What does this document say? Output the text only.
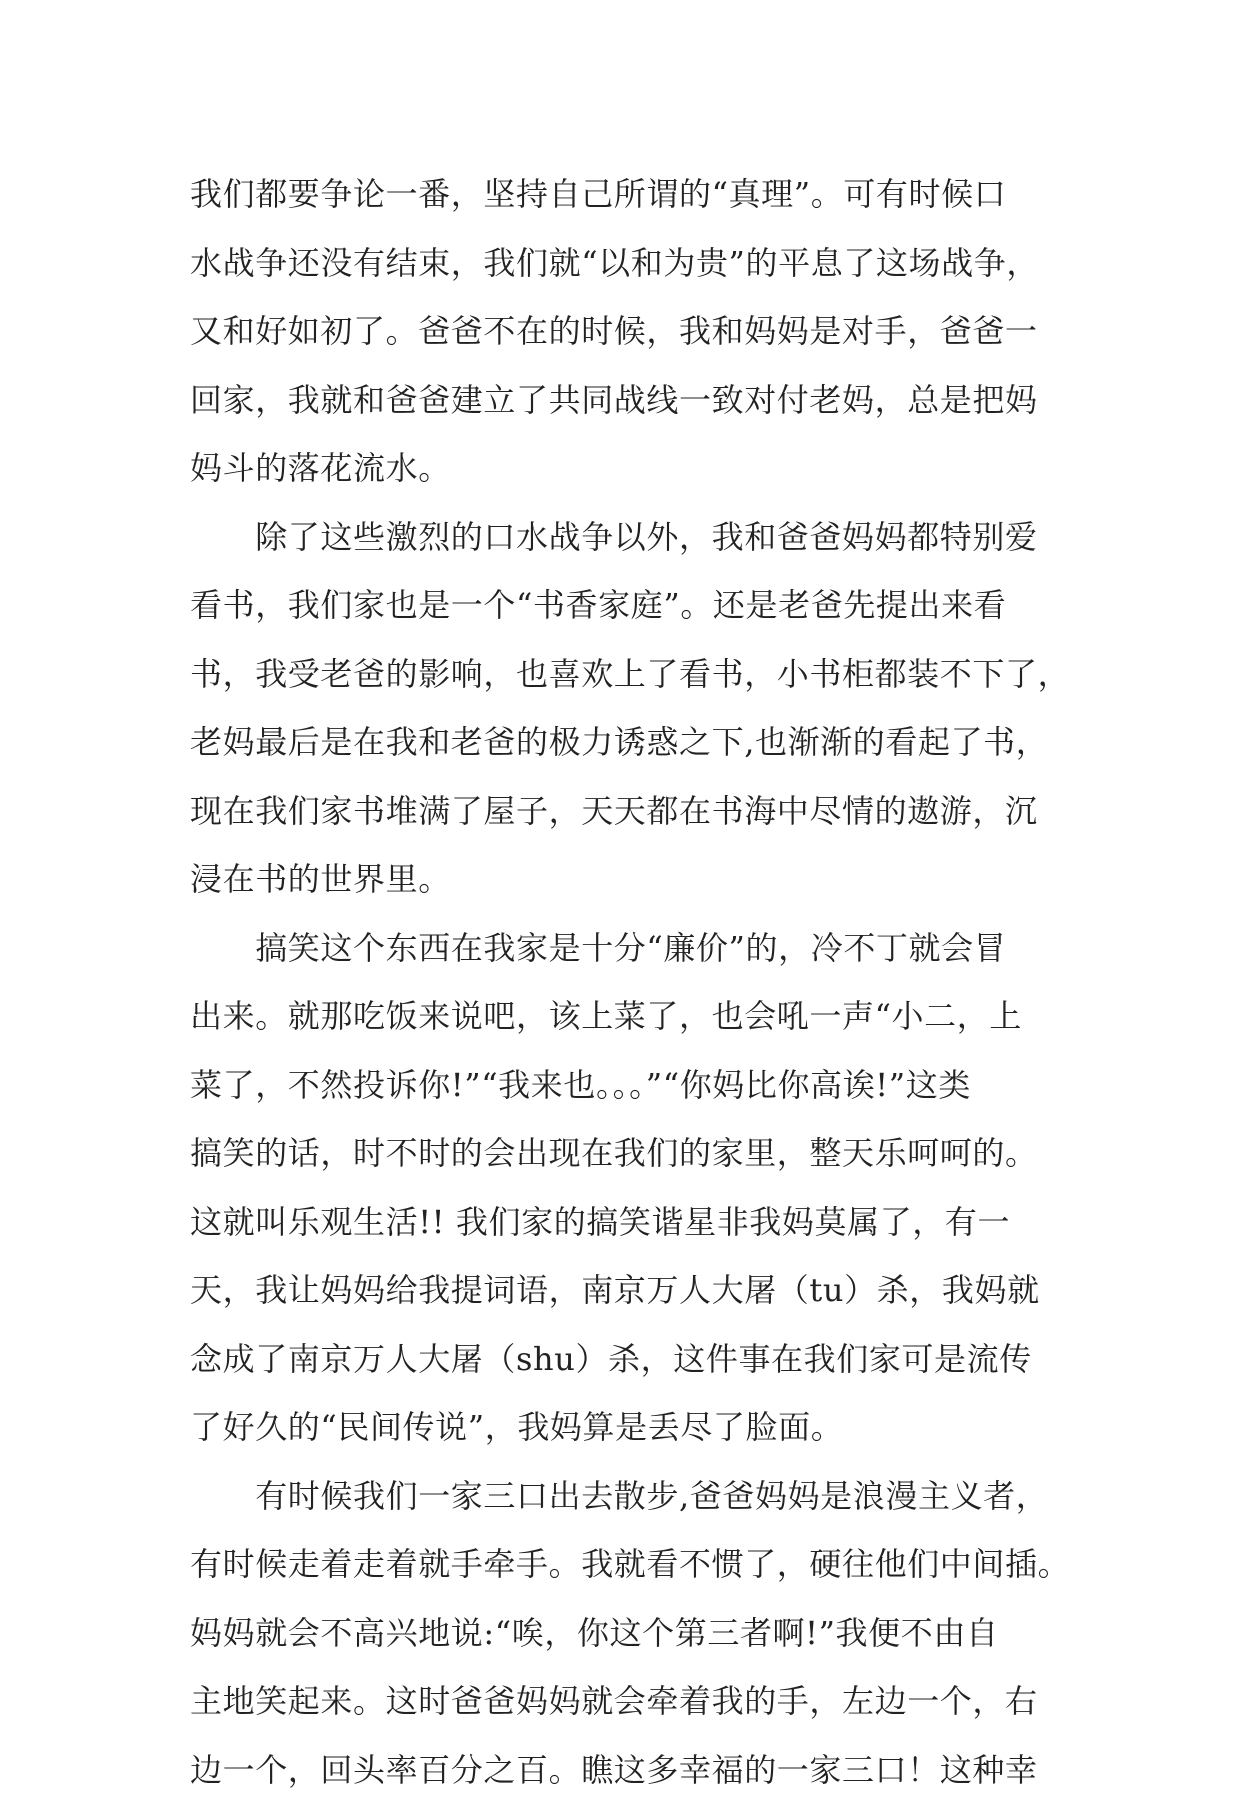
我们都要争论一番，坚持自己所谓的“真理”。可有时候口
水战争还没有结束，我们就“以和为贵”的平息了这场战争，
又和好如初了。爸爸不在的时候，我和妈妈是对手，爸爸一
回家，我就和爸爸建立了共同战线一致对付老妈，总是把妈
妈斗的落花流水。
　　除了这些激烈的口水战争以外，我和爸爸妈妈都特别爱
看书，我们家也是一个“书香家庭”。还是老爸先提出来看
书，我受老爸的影响，也喜欢上了看书，小书柜都装不下了，
老妈最后是在我和老爸的极力诱惑之下,也渐渐的看起了书，
现在我们家书堆满了屋子，天天都在书海中尽情的遨游，沉
浸在书的世界里。
　　搞笑这个东西在我家是十分“廉价”的，冷不丁就会冒
出来。就那吃饭来说吧，该上菜了，也会吼一声“小二，上
菜了，不然投诉你!”“我来也。。。”“你妈比你高诶!”这类
搞笑的话，时不时的会出现在我们的家里，整天乐呵呵的。
这就叫乐观生活!! 我们家的搞笑谐星非我妈莫属了，有一
天，我让妈妈给我提词语，南京万人大屠（tu）杀，我妈就
念成了南京万人大屠（shu）杀，这件事在我们家可是流传
了好久的“民间传说”，我妈算是丢尽了脸面。
　　有时候我们一家三口出去散步,爸爸妈妈是浪漫主义者，
有时候走着走着就手牵手。我就看不惯了，硬往他们中间插。
妈妈就会不高兴地说:“唉，你这个第三者啊!”我便不由自
主地笑起来。这时爸爸妈妈就会牵着我的手，左边一个，右
边一个，回头率百分之百。瞧这多幸福的一家三口！这种幸
